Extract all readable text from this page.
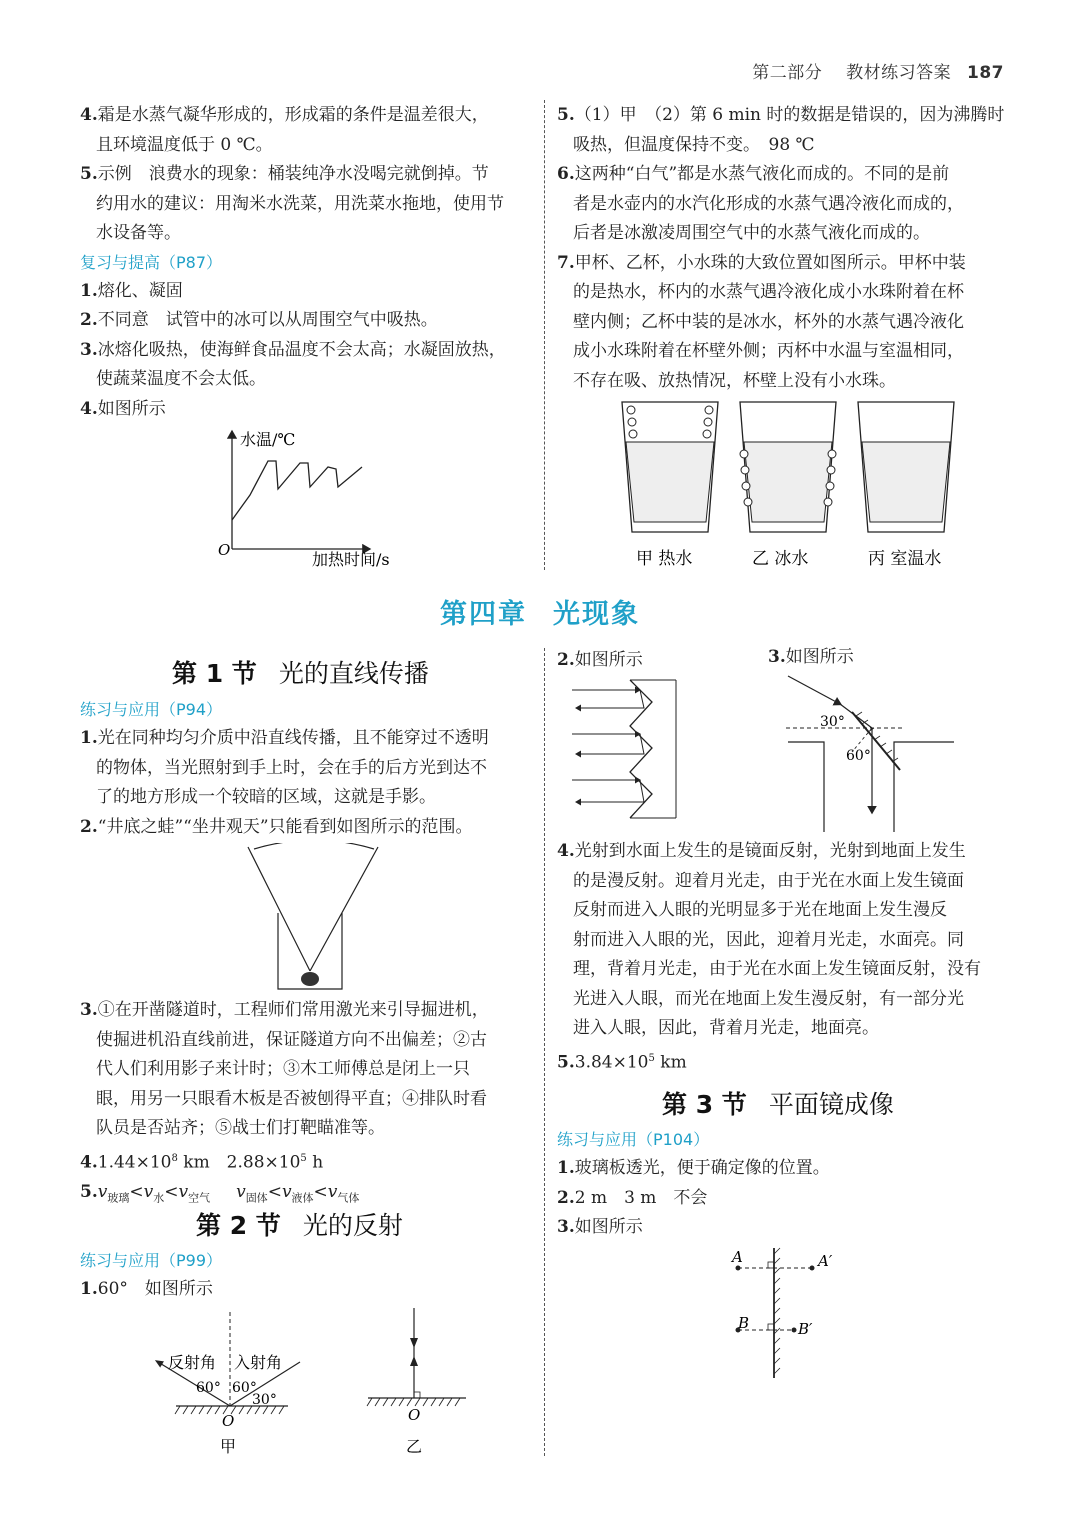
第二部分 教材练习答案 187

4.霜是水蒸气凝华形成的，形成霜的条件是温差很大，

且环境温度低于 0 ℃。

5.示例　浪费水的现象：桶装纯净水没喝完就倒掉。节

约用水的建议：用淘米水洗菜，用洗菜水拖地，使用节

水设备等。

复习与提高（P87）

1.熔化、凝固

2.不同意　试管中的冰可以从周围空气中吸热。

3.冰熔化吸热，使海鲜食品温度不会太高；水凝固放热，

使蔬菜温度不会太低。

4.如图所示

水温/℃
O	加热时间/s

5.（1）甲　（2）第 6 min 时的数据是错误的，因为沸腾时

吸热，但温度保持不变。　98 ℃

6.这两种“白气”都是水蒸气液化而成的。不同的是前

者是水壶内的水汽化形成的水蒸气遇冷液化而成的，

后者是冰激凌周围空气中的水蒸气液化而成的。

7.甲杯、乙杯，小水珠的大致位置如图所示。甲杯中装

的是热水，杯内的水蒸气遇冷液化成小水珠附着在杯

壁内侧；乙杯中装的是冰水，杯外的水蒸气遇冷液化

成小水珠附着在杯壁外侧；丙杯中水温与室温相同，

不存在吸、放热情况，杯壁上没有小水珠。

甲 热水	乙 冰水	丙 室温水
第四章 光现象
第 1 节 光的直线传播

练习与应用（P94）

1.光在同种均匀介质中沿直线传播，且不能穿过不透明

的物体，当光照射到手上时，会在手的后方光到达不

了的地方形成一个较暗的区域，这就是手影。

2.“井底之蛙”“坐井观天”只能看到如图所示的范围。

3.①在开凿隧道时，工程师们常用激光来引导掘进机，

使掘进机沿直线前进，保证隧道方向不出偏差；②古

代人们利用影子来计时；③木工师傅总是闭上一只

眼，用另一只眼看木板是否被刨得平直；④排队时看

队员是否站齐；⑤战士们打靶瞄准等。

$4.1.44\times 10^8$ km　$2.88\times 10^5$ h

$5.v_{玻璃}<v_水<v_{空气}$ $v_{固体}<v_{液体}<v_{气体}$

第 2 节 光的反射

练习与应用（P99）

1.60°　如图所示

反射角 入射角
60° 60°
30°
O
甲
O
乙

2.如图所示	3.如图所示

30°
60°

4.光射到水面上发生的是镜面反射，光射到地面上发生

的是漫反射。迎着月光走，由于光在水面上发生镜面

反射而进入人眼的光明显多于光在地面上发生漫反

射而进入人眼的光，因此，迎着月光走，水面亮。同

理，背着月光走，由于光在水面上发生镜面反射，没有

光进入人眼，而光在地面上发生漫反射，有一部分光

进入人眼，因此，背着月光走，地面亮。

$5.3.84\times 10^5$ km

第 3 节 平面镜成像

练习与应用（P104）

1.玻璃板透光，便于确定像的位置。

2.2 m　3 m　不会

3.如图所示

A	A′
B	B′
